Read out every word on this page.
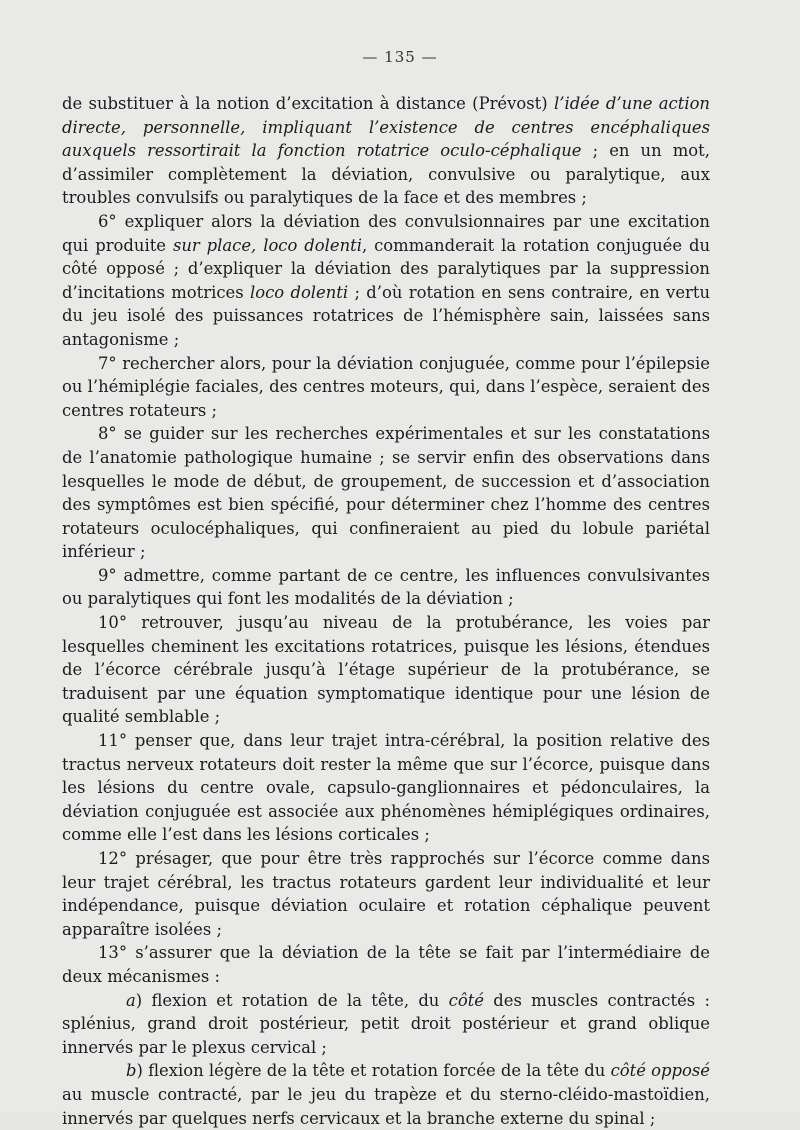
— 135 —

de substituer à la notion d’excitation à distance (Prévost) l’idée d’une action directe, personnelle, impliquant l’existence de centres encéphaliques auxquels ressortirait la fonction rotatrice oculo-céphalique ; en un mot, d’assimiler complètement la déviation, convulsive ou paralytique, aux troubles convulsifs ou paralytiques de la face et des membres ;

6° expliquer alors la déviation des convulsionnaires par une excitation qui produite sur place, loco dolenti, commanderait la rotation conjuguée du côté opposé ; d’expliquer la déviation des paralytiques par la suppression d’incitations motrices loco dolenti ; d’où rotation en sens contraire, en vertu du jeu isolé des puissances rotatrices de l’hémisphère sain, laissées sans antagonisme ;

7° rechercher alors, pour la déviation conjuguée, comme pour l’épilepsie ou l’hémiplégie faciales, des centres moteurs, qui, dans l’espèce, seraient des centres rotateurs ;

8° se guider sur les recherches expérimentales et sur les constatations de l’anatomie pathologique humaine ; se servir enfin des observations dans lesquelles le mode de début, de groupement, de succession et d’association des symptômes est bien spécifié, pour déterminer chez l’homme des centres rotateurs oculocéphaliques, qui confineraient au pied du lobule pariétal inférieur ;

9° admettre, comme partant de ce centre, les influences convulsivantes ou paralytiques qui font les modalités de la déviation ;

10° retrouver, jusqu’au niveau de la protubérance, les voies par lesquelles cheminent les excitations rotatrices, puisque les lésions, étendues de l’écorce cérébrale jusqu’à l’étage supérieur de la protubérance, se traduisent par une équation symptomatique identique pour une lésion de qualité semblable ;

11° penser que, dans leur trajet intra-cérébral, la position relative des tractus nerveux rotateurs doit rester la même que sur l’écorce, puisque dans les lésions du centre ovale, capsulo-ganglionnaires et pédonculaires, la déviation conjuguée est associée aux phénomènes hémiplégiques ordinaires, comme elle l’est dans les lésions corticales ;

12° présager, que pour être très rapprochés sur l’écorce comme dans leur trajet cérébral, les tractus rotateurs gardent leur individualité et leur indépendance, puisque déviation oculaire et rotation céphalique peuvent apparaître isolées ;

13° s’assurer que la déviation de la tête se fait par l’intermédiaire de deux mécanismes :

a) flexion et rotation de la tête, du côté des muscles contractés : splénius, grand droit postérieur, petit droit postérieur et grand oblique innervés par le plexus cervical ;

b) flexion légère de la tête et rotation forcée de la tête du côté opposé au muscle contracté, par le jeu du trapèze et du sterno-cléido-mastoïdien, innervés par quelques nerfs cervicaux et la branche externe du spinal ;
